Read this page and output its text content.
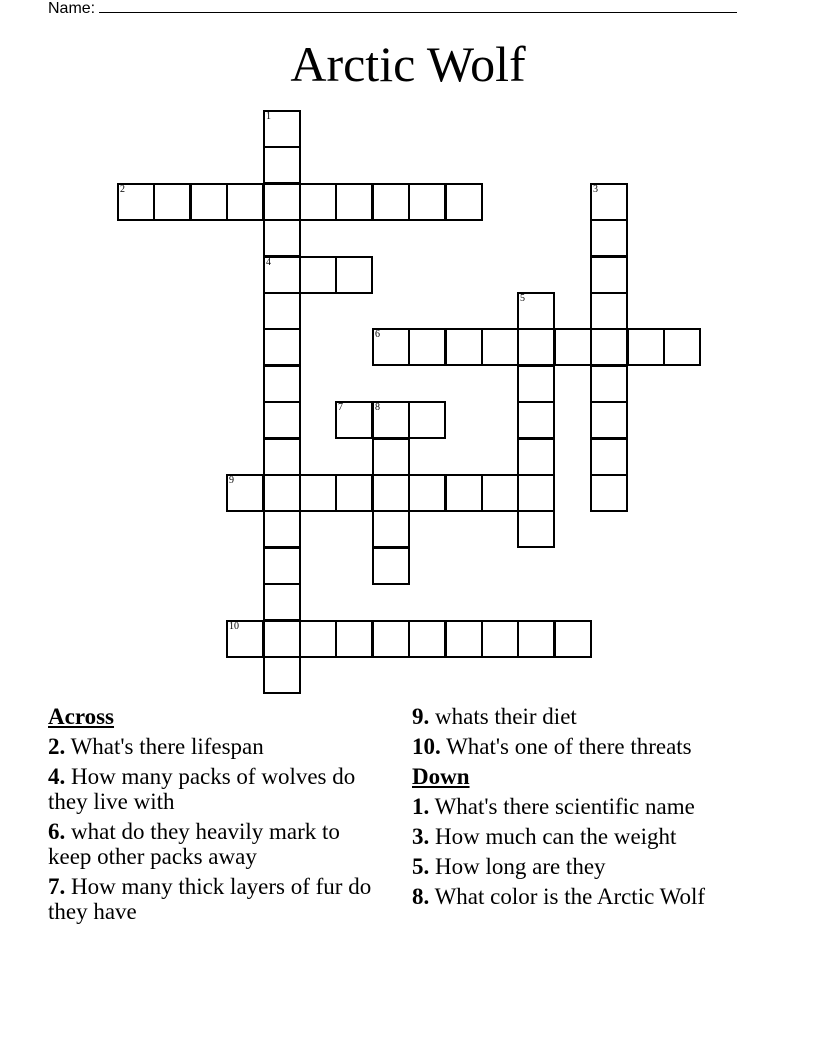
Name:
Arctic Wolf
1
4
2	3
5
6
7	8
9
10
Across
2. What's there lifespan
4. How many packs of wolves do they live with
6. what do they heavily mark to keep other packs away
7. How many thick layers of fur do they have
9. whats their diet
10. What's one of there threats
Down
1. What's there scientific name
3. How much can the weight
5. How long are they
8. What color is the Arctic Wolf
